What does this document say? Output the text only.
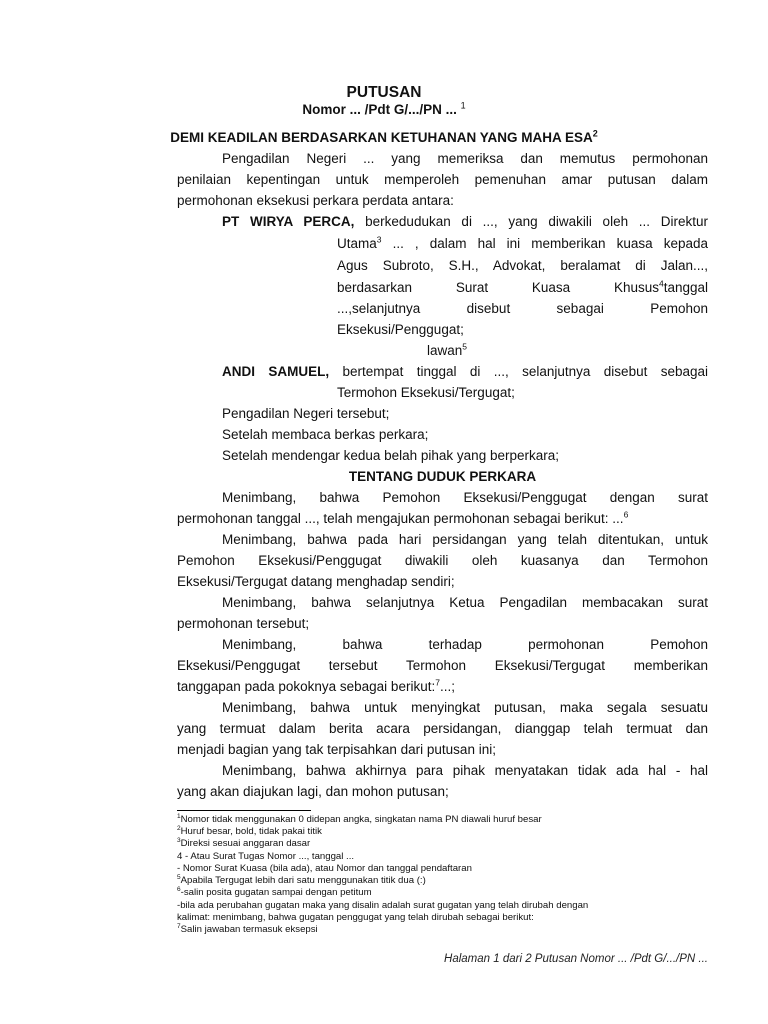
PUTUSAN
Nomor ... /Pdt G/.../PN ... $^1$
DEMI KEADILAN BERDASARKAN KETUHANAN YANG MAHA ESA$^2$
Pengadilan Negeri ... yang memeriksa dan memutus permohonan
penilaian kepentingan untuk memperoleh pemenuhan amar putusan dalam
permohonan eksekusi perkara perdata antara:
PT WIRYA PERCA, berkedudukan di ..., yang diwakili oleh ... Direktur
Utama$^3$ ... , dalam hal ini memberikan kuasa kepada
Agus Subroto, S.H., Advokat, beralamat di Jalan...,
berdasarkan Surat Kuasa Khusus$^4$tanggal
...,selanjutnya disebut sebagai Pemohon
Eksekusi/Penggugat;
lawan$^5$
ANDI SAMUEL, bertempat tinggal di ..., selanjutnya disebut sebagai
Termohon Eksekusi/Tergugat;
Pengadilan Negeri tersebut;
Setelah membaca berkas perkara;
Setelah mendengar kedua belah pihak yang berperkara;
TENTANG DUDUK PERKARA
Menimbang, bahwa Pemohon Eksekusi/Penggugat dengan surat
permohonan tanggal ..., telah mengajukan permohonan sebagai berikut: ...$^6$
Menimbang, bahwa pada hari persidangan yang telah ditentukan, untuk
Pemohon Eksekusi/Penggugat diwakili oleh kuasanya dan Termohon
Eksekusi/Tergugat datang menghadap sendiri;
Menimbang, bahwa selanjutnya Ketua Pengadilan membacakan surat
permohonan tersebut;
Menimbang, bahwa terhadap permohonan Pemohon
Eksekusi/Penggugat tersebut Termohon Eksekusi/Tergugat memberikan
tanggapan pada pokoknya sebagai berikut:$^7$...;
Menimbang, bahwa untuk menyingkat putusan, maka segala sesuatu
yang termuat dalam berita acara persidangan, dianggap telah termuat dan
menjadi bagian yang tak terpisahkan dari putusan ini;
Menimbang, bahwa akhirnya para pihak menyatakan tidak ada hal - hal
yang akan diajukan lagi, dan mohon putusan;
$^1$Nomor tidak menggunakan 0 didepan angka, singkatan nama PN diawali huruf besar
$^2$Huruf besar, bold, tidak pakai titik
$^3$Direksi sesuai anggaran dasar
4 - Atau Surat Tugas Nomor ..., tanggal ...
- Nomor Surat Kuasa (bila ada), atau Nomor dan tanggal pendaftaran
$^5$Apabila Tergugat lebih dari satu menggunakan titik dua (:)
$^6$-salin posita gugatan sampai dengan petitum
-bila ada perubahan gugatan maka yang disalin adalah surat gugatan yang telah dirubah dengan
kalimat: menimbang, bahwa gugatan penggugat yang telah dirubah sebagai berikut:
$^7$Salin jawaban termasuk eksepsi
Halaman 1 dari 2 Putusan Nomor ... /Pdt G/.../PN ...
